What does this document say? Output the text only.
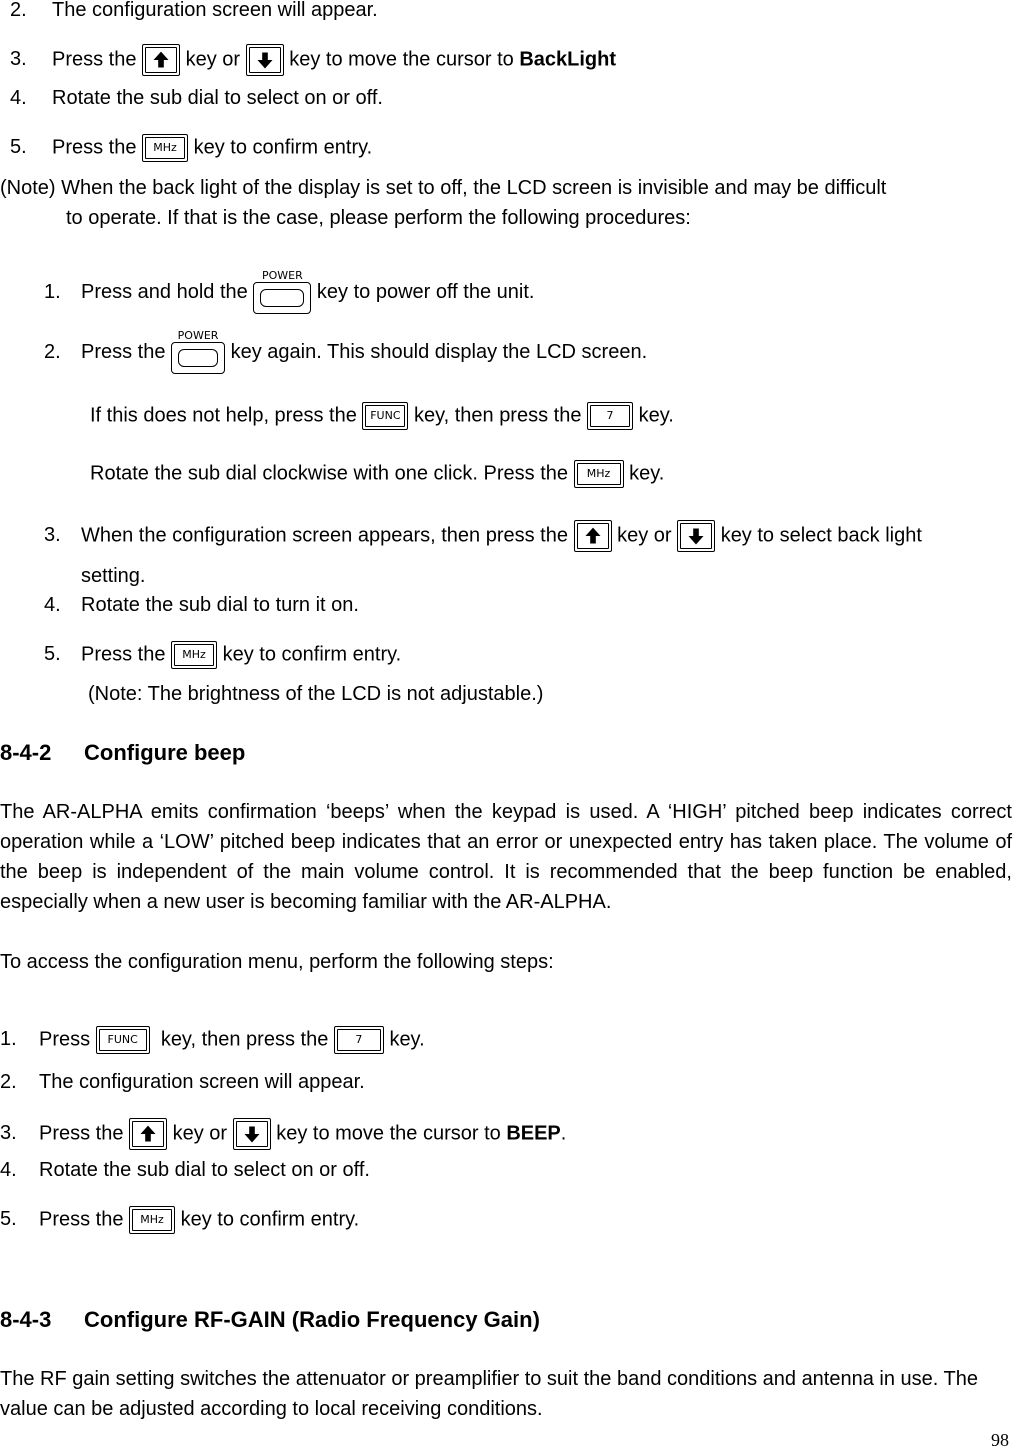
2. The configuration screen will appear.
3. Press the key or key to move the cursor to BackLight
4. Rotate the sub dial to select on or off.
5. Press the	MHz key to confirm entry.
(Note) When the back light of the display is set to off, the LCD screen is invisible and may be difficult
to operate. If that is the case, please perform the following procedures:
1. Press and hold the
POWER
key to power off the unit.
2. Press the
POWER
key again. This should display the LCD screen.
If this does not help, press the	FUNC key, then press the	7	key.
Rotate the sub dial clockwise with one click. Press the	MHz key.
3. When the configuration screen appears, then press the key or key to select back light
setting.
4. Rotate the sub dial to turn it on.
5. Press the	MHz key to confirm entry.
(Note: The brightness of the LCD is not adjustable.)
8-4-2 Configure beep
The AR-ALPHA emits confirmation ‘beeps’ when the keypad is used. A ‘HIGH’ pitched beep indicates correct operation while a ‘LOW’ pitched beep indicates that an error or unexpected entry has taken place. The volume of the beep is independent of the main volume control. It is recommended that the beep function be enabled, especially when a new user is becoming familiar with the AR-ALPHA.
To access the configuration menu, perform the following steps:
1. Press	FUNC	key, then press the	7	key.
2. The configuration screen will appear.
3. Press the key or key to move the cursor to BEEP.
4. Rotate the sub dial to select on or off.
5. Press the	MHz key to confirm entry.
8-4-3 Configure RF-GAIN (Radio Frequency Gain)
The RF gain setting switches the attenuator or preamplifier to suit the band conditions and antenna in use. The value can be adjusted according to local receiving conditions.
98
